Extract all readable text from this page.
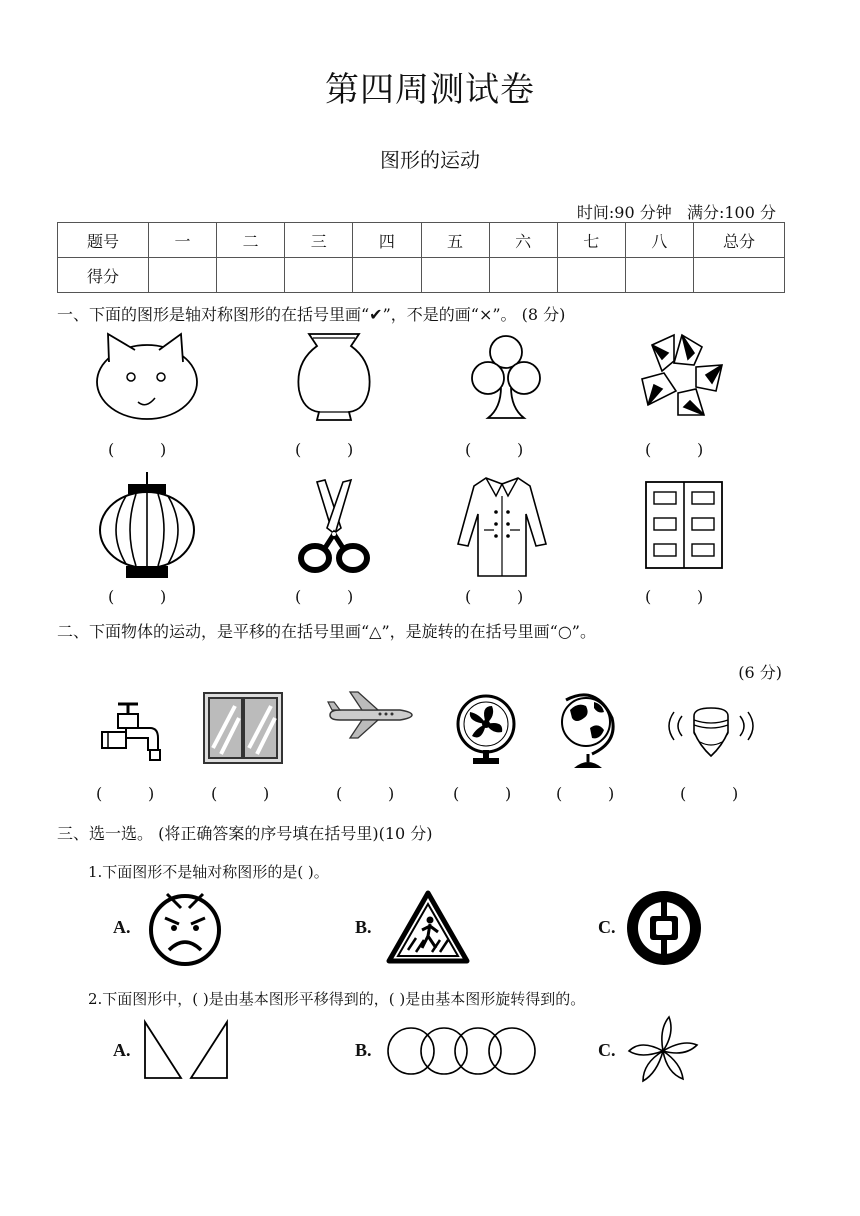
第四周测试卷
图形的运动
时间:90 分钟   满分:100 分
题号	一	二	三	四	五	六	七	八	总分
得分									
一、下面的图形是轴对称图形的在括号里画“✔”，不是的画“×”。 (8 分)
(         )	(         )	(         )	(         )
(         )	(         )	(         )	(         )
二、下面物体的运动，是平移的在括号里画“△”，是旋转的在括号里画“○”。
(6 分)
(         )	(         )	(         )	(         )	(         )	(         )
三、选一选。 (将正确答案的序号填在括号里)(10 分)
1.下面图形不是轴对称图形的是( )。
A.	B.	C.
2.下面图形中，( )是由基本图形平移得到的，( )是由基本图形旋转得到的。
A.	B.	C.
